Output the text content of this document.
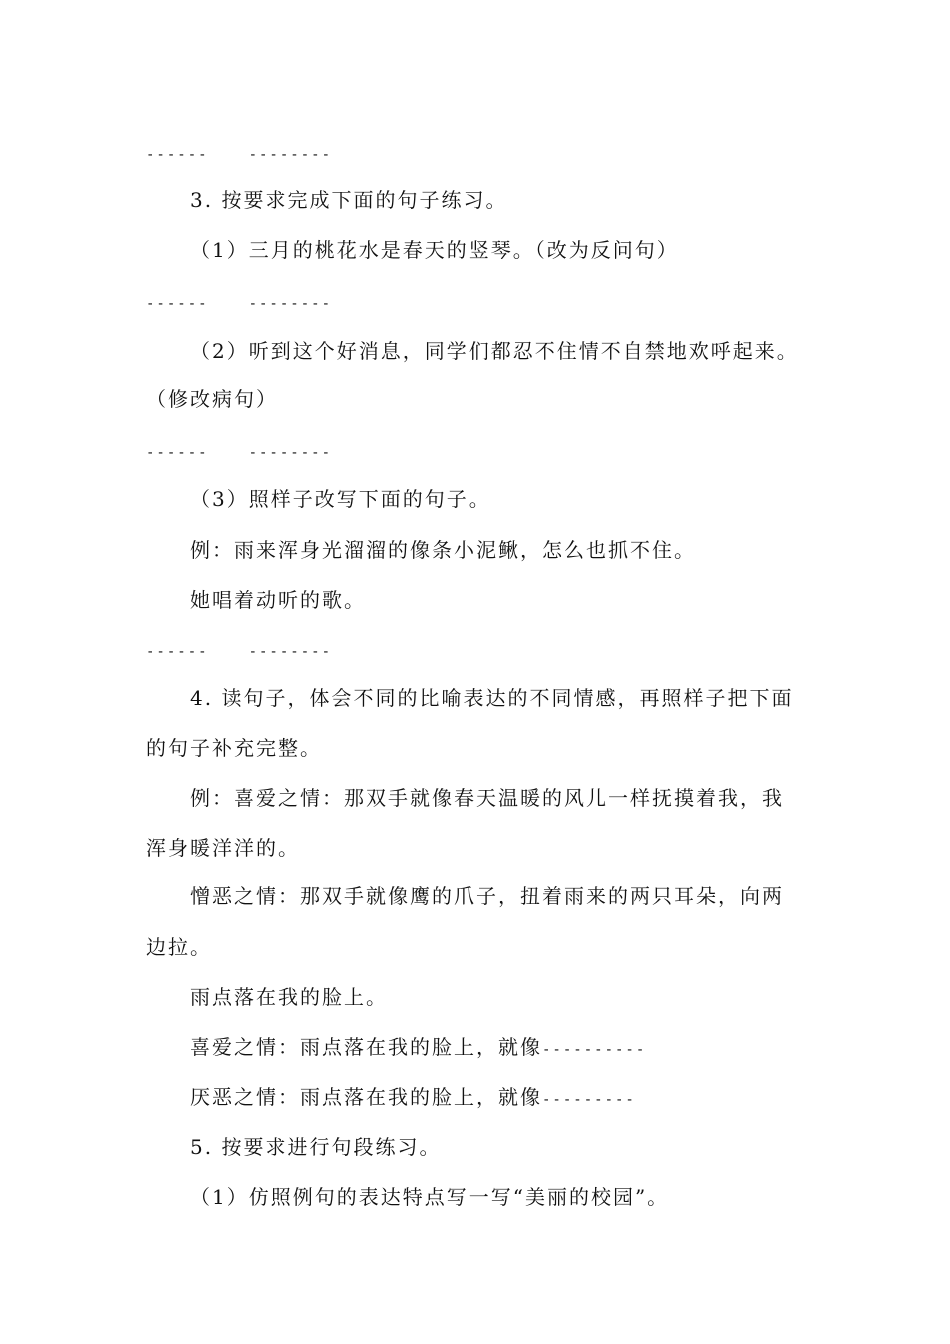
------	--------
3. 按要求完成下面的句子练习。
（1）三月的桃花水是春天的竖琴。（改为反问句）
------	--------
（2）听到这个好消息，同学们都忍不住情不自禁地欢呼起来。
（修改病句）
------	--------
（3）照样子改写下面的句子。
例：雨来浑身光溜溜的像条小泥鳅，怎么也抓不住。
她唱着动听的歌。
------	--------
4. 读句子，体会不同的比喻表达的不同情感，再照样子把下面
的句子补充完整。
例：喜爱之情：那双手就像春天温暖的风儿一样抚摸着我，我
浑身暖洋洋的。
憎恶之情：那双手就像鹰的爪子，扭着雨来的两只耳朵，向两
边拉。
雨点落在我的脸上。
喜爱之情：雨点落在我的脸上，就像----------
厌恶之情：雨点落在我的脸上，就像---------
5. 按要求进行句段练习。
（1）仿照例句的表达特点写一写“美丽的校园”。
